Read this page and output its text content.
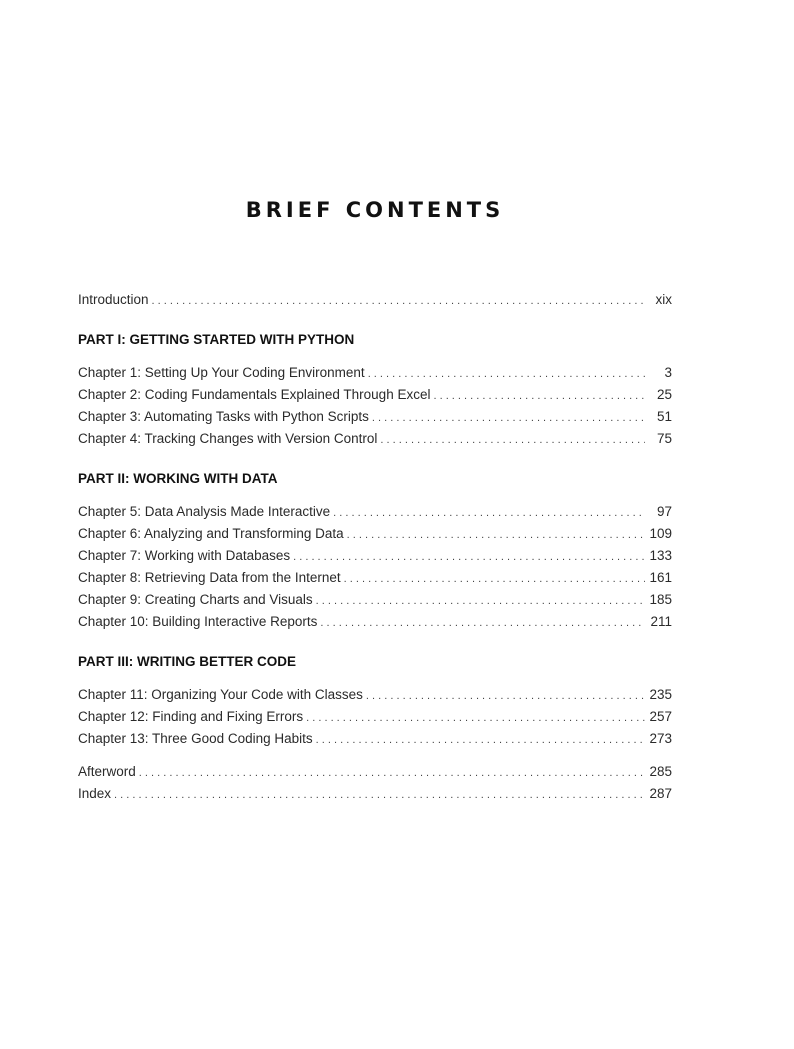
BRIEF CONTENTS
Introduction . . .	xix
PART I: GETTING STARTED WITH PYTHON
Chapter 1: Setting Up Your Coding Environment . . .	3
Chapter 2: Coding Fundamentals Explained Through Excel . . .	25
Chapter 3: Automating Tasks with Python Scripts . . .	51
Chapter 4: Tracking Changes with Version Control . . .	75
PART II: WORKING WITH DATA
Chapter 5: Data Analysis Made Interactive . . .	97
Chapter 6: Analyzing and Transforming Data . . .	109
Chapter 7: Working with Databases . . .	133
Chapter 8: Retrieving Data from the Internet . . .	161
Chapter 9: Creating Charts and Visuals . . .	185
Chapter 10: Building Interactive Reports . . .	211
PART III: WRITING BETTER CODE
Chapter 11: Organizing Your Code with Classes . . .	235
Chapter 12: Finding and Fixing Errors . . .	257
Chapter 13: Three Good Coding Habits . . .	273
Afterword . . .	285
Index . . .	287
